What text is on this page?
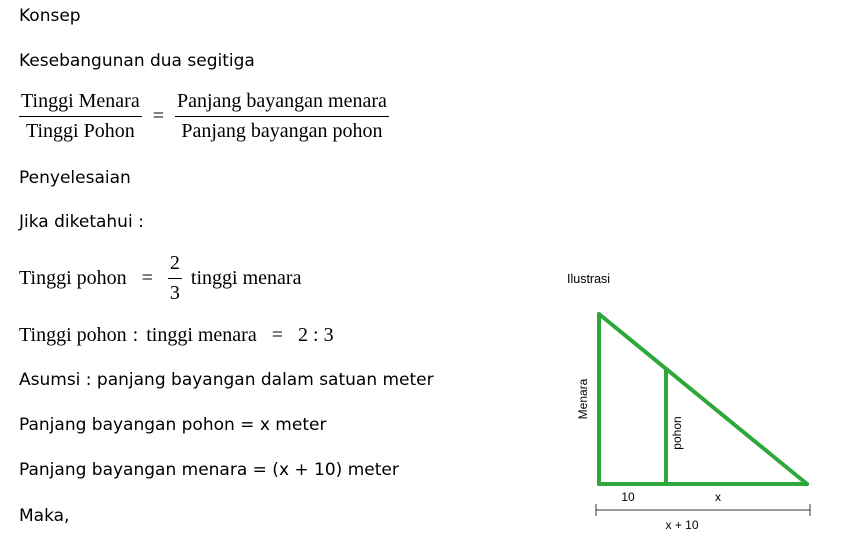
Konsep
Kesebangunan dua segitiga
$\frac{\text{Tinggi Menara}}{\text{Tinggi Pohon}} = \frac{\text{Panjang bayangan menara}}{\text{Panjang bayangan pohon}}$
Penyelesaian
Jika diketahui :
Tinggi pohon = $\frac{2}{3}$ tinggi menara
Tinggi pohon : tinggi menara = 2 : 3
Asumsi : panjang bayangan dalam satuan meter
Panjang bayangan pohon = x meter
Panjang bayangan menara = (x + 10) meter
Maka,
Ilustrasi
Menara
pohon
10	x
x + 10
